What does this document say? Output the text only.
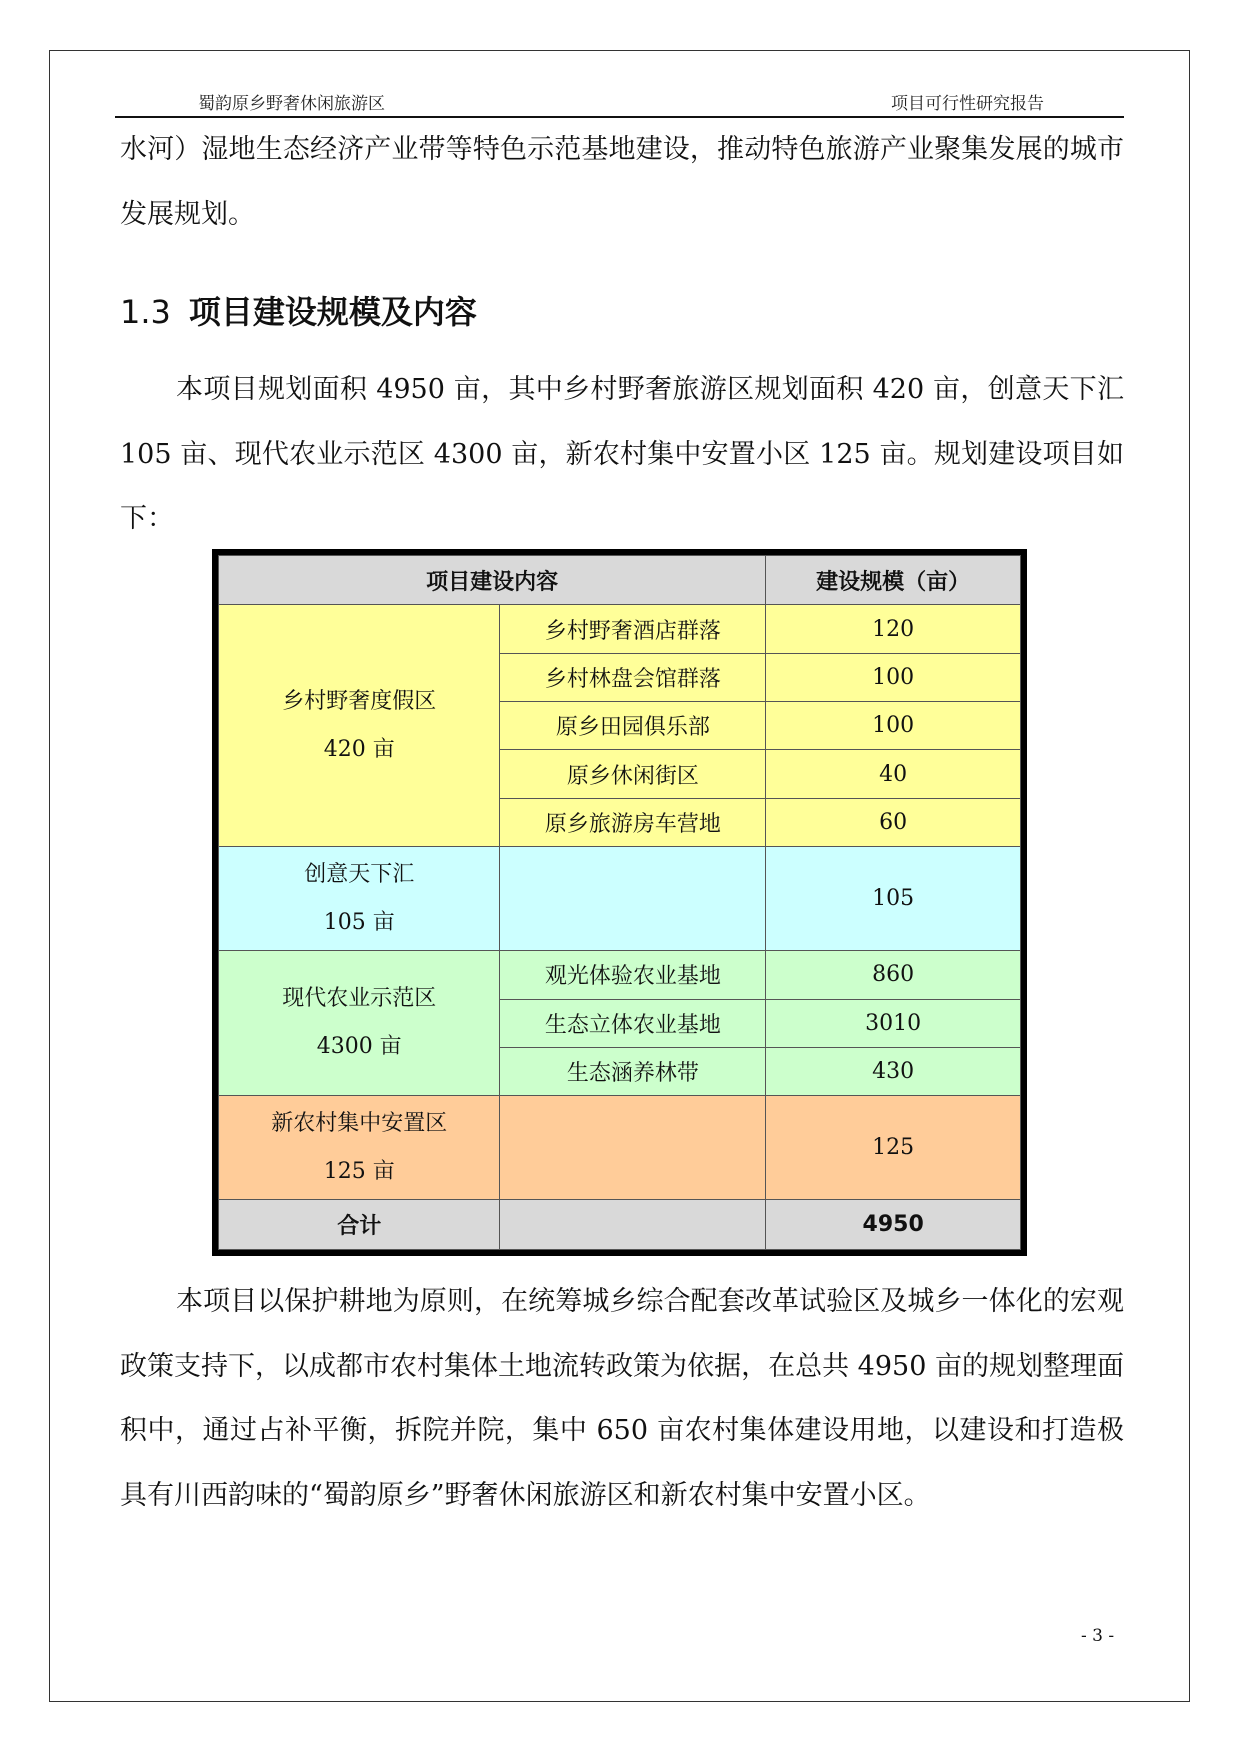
蜀韵原乡野奢休闲旅游区	项目可行性研究报告

水河）湿地生态经济产业带等特色示范基地建设，推动特色旅游产业聚集发展的城市发展规划。

1.3 项目建设规模及内容

本项目规划面积 4950 亩，其中乡村野奢旅游区规划面积 420 亩，创意天下汇 105 亩、现代农业示范区 4300 亩，新农村集中安置小区 125 亩。规划建设项目如下：

项目建设内容		建设规模（亩）

乡村野奢度假区
420 亩	乡村野奢酒店群落	120
	乡村林盘会馆群落	100
	原乡田园俱乐部	100
	原乡休闲街区	40
	原乡旅游房车营地	60

创意天下汇
105 亩		105

现代农业示范区
4300 亩	观光体验农业基地	860
	生态立体农业基地	3010
	生态涵养林带	430

新农村集中安置区
125 亩		125
合计		4950

本项目以保护耕地为原则，在统筹城乡综合配套改革试验区及城乡一体化的宏观政策支持下，以成都市农村集体土地流转政策为依据，在总共 4950 亩的规划整理面积中，通过占补平衡，拆院并院，集中 650 亩农村集体建设用地，以建设和打造极具有川西韵味的“蜀韵原乡”野奢休闲旅游区和新农村集中安置小区。

- 3 -
